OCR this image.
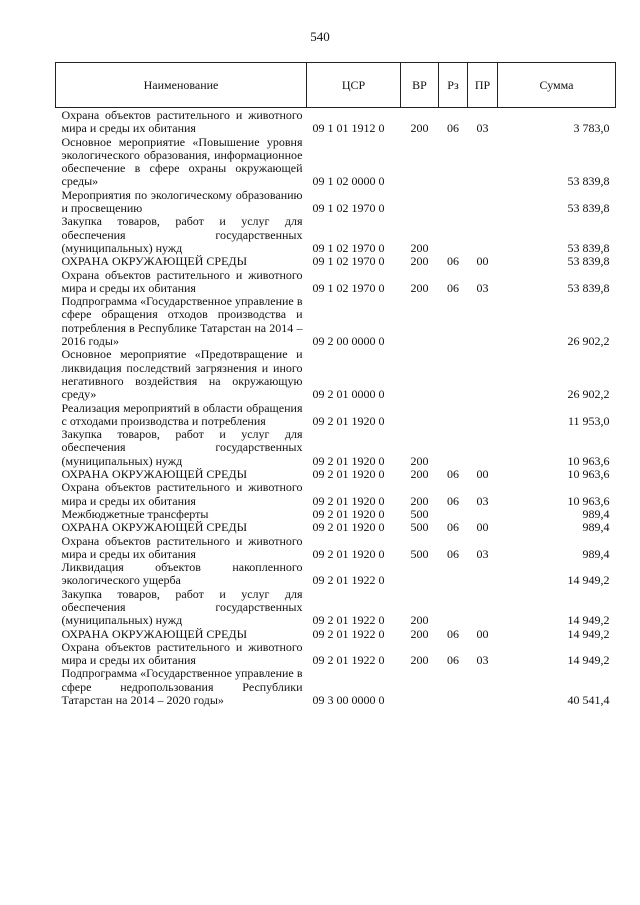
540
Наименование	ЦСР	ВР	Рз	ПР	Сумма
Охрана объектов растительного и животного мира и среды их обитания	09 1 01 1912 0	200	06	03	3 783,0
Основное мероприятие «Повышение уровня экологического образования, информационное обеспечение в сфере охраны окружающей среды»	09 1 02 0000 0				53 839,8
Мероприятия по экологическому образованию и просвещению	09 1 02 1970 0				53 839,8
Закупка товаров, работ и услуг для обеспечения государственных (муниципальных) нужд	09 1 02 1970 0	200			53 839,8
ОХРАНА ОКРУЖАЮЩЕЙ СРЕДЫ	09 1 02 1970 0	200	06	00	53 839,8
Охрана объектов растительного и животного мира и среды их обитания	09 1 02 1970 0	200	06	03	53 839,8
Подпрограмма «Государственное управление в сфере обращения отходов производства и потребления в Республике Татарстан на 2014 – 2016 годы»	09 2 00 0000 0				26 902,2
Основное мероприятие «Предотвращение и ликвидация последствий загрязнения и иного негативного воздействия на окружающую среду»	09 2 01 0000 0				26 902,2
Реализация мероприятий в области обращения с отходами производства и потребления	09 2 01 1920 0				11 953,0
Закупка товаров, работ и услуг для обеспечения государственных (муниципальных) нужд	09 2 01 1920 0	200			10 963,6
ОХРАНА ОКРУЖАЮЩЕЙ СРЕДЫ	09 2 01 1920 0	200	06	00	10 963,6
Охрана объектов растительного и животного мира и среды их обитания	09 2 01 1920 0	200	06	03	10 963,6
Межбюджетные трансферты	09 2 01 1920 0	500			989,4
ОХРАНА ОКРУЖАЮЩЕЙ СРЕДЫ	09 2 01 1920 0	500	06	00	989,4
Охрана объектов растительного и животного мира и среды их обитания	09 2 01 1920 0	500	06	03	989,4
Ликвидация объектов накопленного экологического ущерба	09 2 01 1922 0				14 949,2
Закупка товаров, работ и услуг для обеспечения государственных (муниципальных) нужд	09 2 01 1922 0	200			14 949,2
ОХРАНА ОКРУЖАЮЩЕЙ СРЕДЫ	09 2 01 1922 0	200	06	00	14 949,2
Охрана объектов растительного и животного мира и среды их обитания	09 2 01 1922 0	200	06	03	14 949,2
Подпрограмма «Государственное управление в сфере недропользования Республики Татарстан на 2014 – 2020 годы»	09 3 00 0000 0				40 541,4
